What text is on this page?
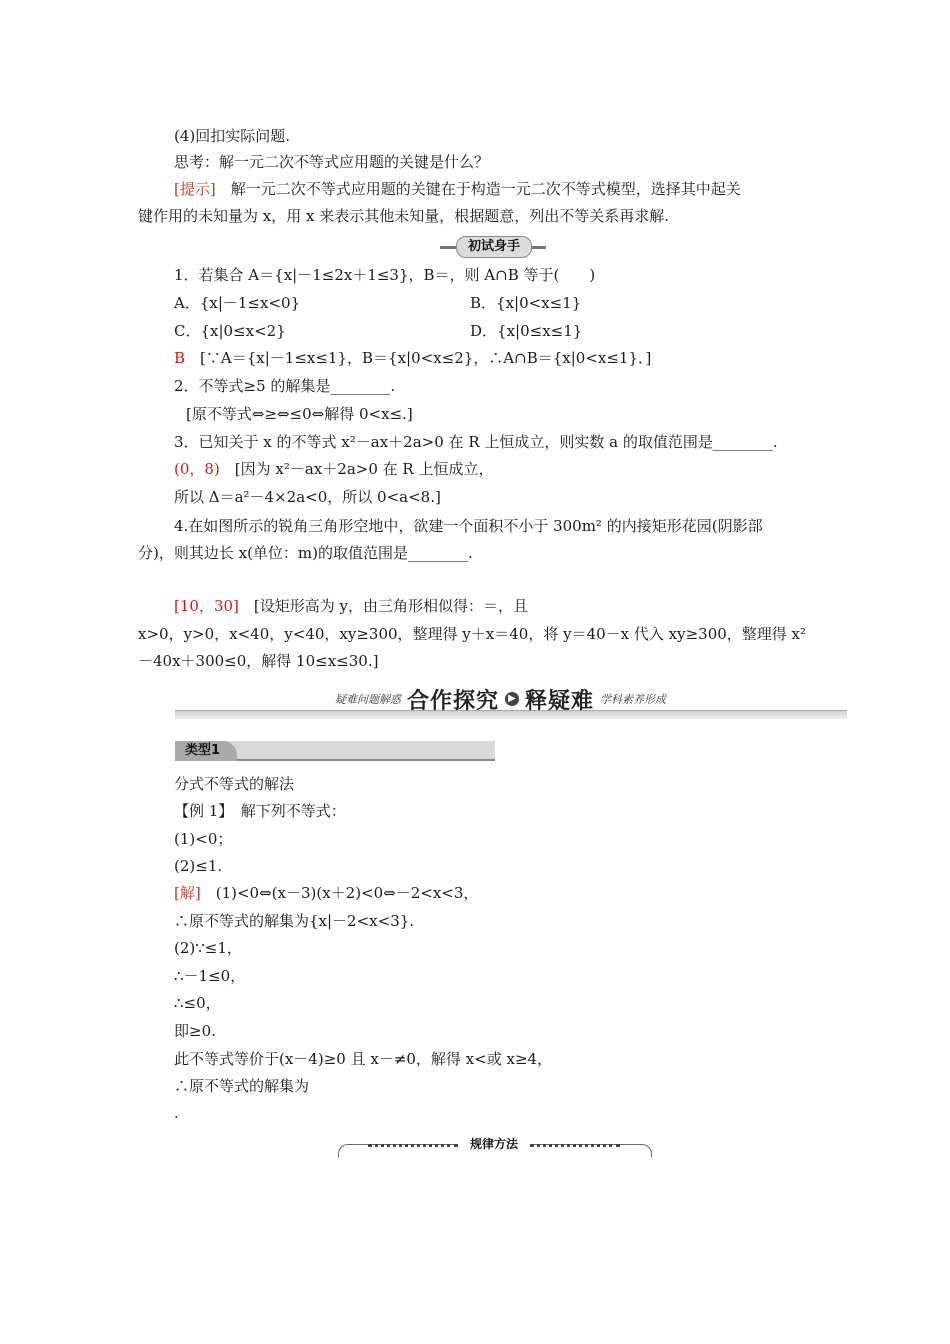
(4)回扣实际问题.
思考：解一元二次不等式应用题的关键是什么？
[提示]　解一元二次不等式应用题的关键在于构造一元二次不等式模型，选择其中起关
键作用的未知量为 x，用 x 来表示其他未知量，根据题意，列出不等关系再求解.
初试身手
1．若集合 A＝{x|－1≤2x＋1≤3}，B＝，则 A∩B 等于(　　)
A．{x|－1≤x<0}	B．{x|0<x≤1}
C．{x|0≤x<2}	D．{x|0≤x≤1}
B　[∵A＝{x|－1≤x≤1}，B＝{x|0<x≤2}，∴A∩B＝{x|0<x≤1}．]
2．不等式≥5 的解集是________.
[原不等式⇔≥⇔≤0⇔解得 0<x≤.]
3．已知关于 x 的不等式 x²－ax＋2a>0 在 R 上恒成立，则实数 a 的取值范围是________.
(0，8)　[因为 x²－ax＋2a>0 在 R 上恒成立，
所以 Δ＝a²－4×2a<0，所以 0<a<8.]
4.在如图所示的锐角三角形空地中，欲建一个面积不小于 300m² 的内接矩形花园(阴影部
分)，则其边长 x(单位：m)的取值范围是________.
[10，30]　[设矩形高为 y，由三角形相似得：＝，且
x>0，y>0，x<40，y<40，xy≥300，整理得 y＋x＝40，将 y＝40－x 代入 xy≥300，整理得 x²
－40x＋300≤0，解得 10≤x≤30.]
疑难问题解惑 合作探究 ▶ 释疑难 学科素养形成
类型1
分式不等式的解法
【例 1】　解下列不等式：
(1)<0；
(2)≤1.
[解]　(1)<0⇔(x－3)(x＋2)<0⇔－2<x<3，
∴原不等式的解集为{x|－2<x<3}.
(2)∵≤1，
∴－1≤0，
∴≤0，
即≥0.
此不等式等价于(x－4)≥0 且 x－≠0，解得 x<或 x≥4，
∴原不等式的解集为
.
规律方法
